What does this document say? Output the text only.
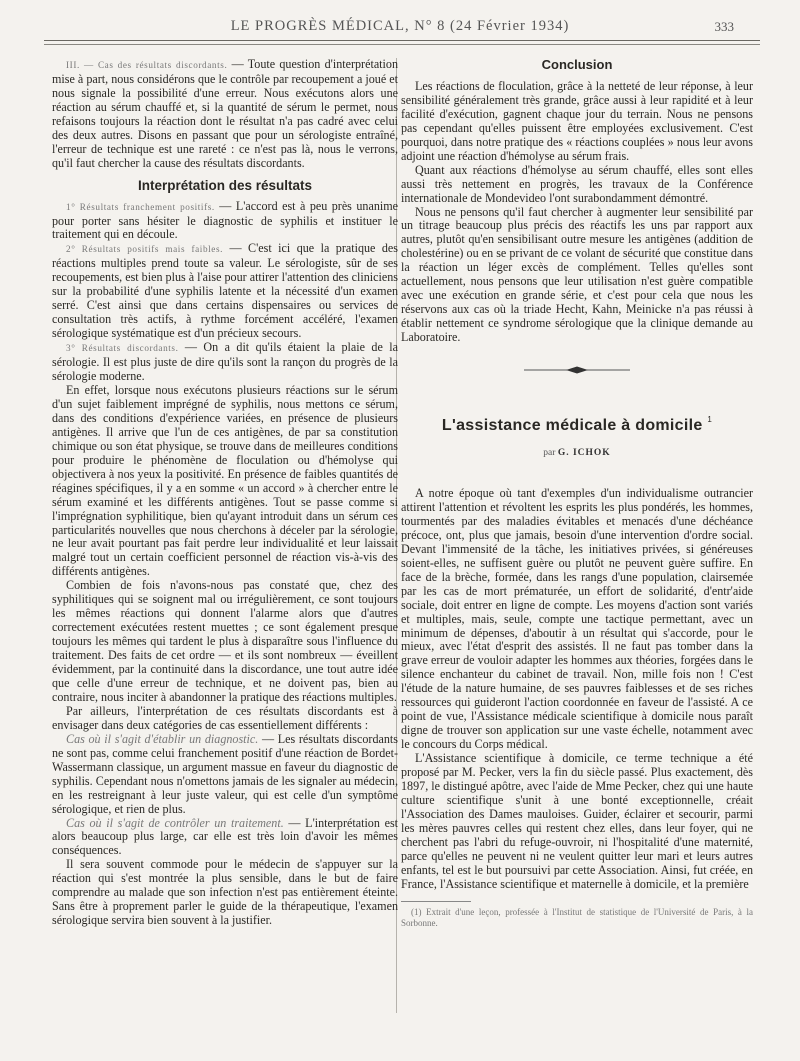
LE PROGRÈS MÉDICAL, N° 8 (24 Février 1934)	333

III. — Cas des résultats discordants. — Toute question d'interprétation mise à part, nous considérons que le contrôle par recoupement a joué et nous signale la possibilité d'une erreur. Nous exécutons alors une réaction au sérum chauffé et, si la quantité de sérum le permet, nous refaisons toujours la réaction dont le résultat n'a pas cadré avec celui des deux autres. Disons en passant que pour un sérologiste entraîné, l'erreur de technique est une rareté : ce n'est pas là, nous le verrons, qu'il faut chercher la cause des résultats discordants.

Interprétation des résultats

1° Résultats franchement positifs. — L'accord est à peu près unanime pour porter sans hésiter le diagnostic de syphilis et instituer le traitement qui en découle.

2° Résultats positifs mais faibles. — C'est ici que la pratique des réactions multiples prend toute sa valeur. Le sérologiste, sûr de ses recoupements, est bien plus à l'aise pour attirer l'attention des cliniciens sur la probabilité d'une syphilis latente et la nécessité d'un examen serré. C'est ainsi que dans certains dispensaires ou services de consultation très actifs, à rythme forcément accéléré, l'examen sérologique systématique est d'un précieux secours.

3° Résultats discordants. — On a dit qu'ils étaient la plaie de la sérologie. Il est plus juste de dire qu'ils sont la rançon du progrès de la sérologie moderne.

En effet, lorsque nous exécutons plusieurs réactions sur le sérum d'un sujet faiblement imprégné de syphilis, nous mettons ce sérum, dans des conditions d'expérience variées, en présence de plusieurs antigènes. Il arrive que l'un de ces antigènes, de par sa constitution chimique ou son état physique, se trouve dans de meilleures conditions pour produire le phénomène de floculation ou d'hémolyse qui objectivera à nos yeux la positivité. En présence de faibles quantités de réagines spécifiques, il y a en somme « un accord » à chercher entre le sérum examiné et les différents antigènes. Tout se passe comme si l'imprégnation syphilitique, bien qu'ayant introduit dans un sérum ces particularités nouvelles que nous cherchons à déceler par la sérologie, ne leur avait pourtant pas fait perdre leur individualité et leur laissait malgré tout un certain coefficient personnel de réaction vis-à-vis des différents antigènes.

Combien de fois n'avons-nous pas constaté que, chez des syphilitiques qui se soignent mal ou irrégulièrement, ce sont toujours les mêmes réactions qui donnent l'alarme alors que d'autres correctement exécutées restent muettes ; ce sont également presque toujours les mêmes qui tardent le plus à disparaître sous l'influence du traitement. Des faits de cet ordre — et ils sont nombreux — éveillent évidemment, par la continuité dans la discordance, une tout autre idée que celle d'une erreur de technique, et ne doivent pas, bien au contraire, nous inciter à abandonner la pratique des réactions multiples.

Par ailleurs, l'interprétation de ces résultats discordants est à envisager dans deux catégories de cas essentiellement différents :

Cas où il s'agit d'établir un diagnostic. — Les résultats discordants ne sont pas, comme celui franchement positif d'une réaction de Bordet-Wassermann classique, un argument massue en faveur du diagnostic de syphilis. Cependant nous n'omettons jamais de les signaler au médecin, en les restreignant à leur juste valeur, qui est celle d'un symptôme sérologique, et rien de plus.

Cas où il s'agit de contrôler un traitement. — L'interprétation est alors beaucoup plus large, car elle est très loin d'avoir les mêmes conséquences.

Il sera souvent commode pour le médecin de s'appuyer sur la réaction qui s'est montrée la plus sensible, dans le but de faire comprendre au malade que son infection n'est pas entièrement éteinte. Sans être à proprement parler le guide de la thérapeutique, l'examen sérologique servira bien souvent à la justifier.

Conclusion

Les réactions de floculation, grâce à la netteté de leur réponse, à leur sensibilité généralement très grande, grâce aussi à leur rapidité et à leur facilité d'exécution, gagnent chaque jour du terrain. Nous ne pensons pas cependant qu'elles puissent être employées exclusivement. C'est pourquoi, dans notre pratique des « réactions couplées » nous leur avons adjoint une réaction d'hémolyse au sérum frais.

Quant aux réactions d'hémolyse au sérum chauffé, elles sont elles aussi très nettement en progrès, les travaux de la Conférence internationale de Mondevideo l'ont surabondamment démontré.

Nous ne pensons qu'il faut chercher à augmenter leur sensibilité par un titrage beaucoup plus précis des réactifs les uns par rapport aux autres, plutôt qu'en sensibilisant outre mesure les antigènes (addition de cholestérine) ou en se privant de ce volant de sécurité que constitue dans la réaction un léger excès de complément. Telles qu'elles sont actuellement, nous pensons que leur utilisation n'est guère compatible avec une exécution en grande série, et c'est pour cela que nous les réservons aux cas où la triade Hecht, Kahn, Meinicke n'a pas réussi à établir nettement ce syndrome sérologique que la clinique demande au Laboratoire.

L'assistance médicale à domicile $^1$
par G. ICHOK

A notre époque où tant d'exemples d'un individualisme outrancier attirent l'attention et révoltent les esprits les plus pondérés, les hommes, tourmentés par des maladies évitables et menacés d'une déchéance précoce, ont, plus que jamais, besoin d'une intervention d'ordre social. Devant l'immensité de la tâche, les initiatives privées, si généreuses soient-elles, ne suffisent guère ou plutôt ne peuvent guère suffire. En face de la brèche, formée, dans les rangs d'une population, clairsemée par les cas de mort prématurée, un effort de solidarité, d'entr'aide sociale, doit entrer en ligne de compte. Les moyens d'action sont variés et multiples, mais, seule, compte une tactique permettant, avec un minimum de dépenses, d'aboutir à un résultat qui s'accorde, pour le mieux, avec l'état d'esprit des assistés. Il ne faut pas tomber dans la grave erreur de vouloir adapter les hommes aux théories, forgées dans le silence enchanteur du cabinet de travail. Non, mille fois non ! C'est l'étude de la nature humaine, de ses pauvres faiblesses et de ses riches ressources qui guideront l'action coordonnée en faveur de l'assisté. A ce point de vue, l'Assistance médicale scientifique à domicile nous paraît digne de trouver son application sur une vaste échelle, notamment avec le concours du Corps médical.

L'Assistance scientifique à domicile, ce terme technique a été proposé par M. Pecker, vers la fin du siècle passé. Plus exactement, dès 1897, le distingué apôtre, avec l'aide de Mme Pecker, chez qui une haute culture scientifique s'unit à une bonté exceptionnelle, créait l'Association des Dames mauloises. Guider, éclairer et secourir, parmi les mères pauvres celles qui restent chez elles, dans leur foyer, qui ne cherchent pas l'abri du refuge-ouvroir, ni l'hospitalité d'une maternité, parce qu'elles ne peuvent ni ne veulent quitter leur mari et leurs autres enfants, tel est le but poursuivi par cette Association. Ainsi, fut créée, en France, l'Assistance scientifique et maternelle à domicile, et la première

(1) Extrait d'une leçon, professée à l'Institut de statistique de l'Université de Paris, à la Sorbonne.
